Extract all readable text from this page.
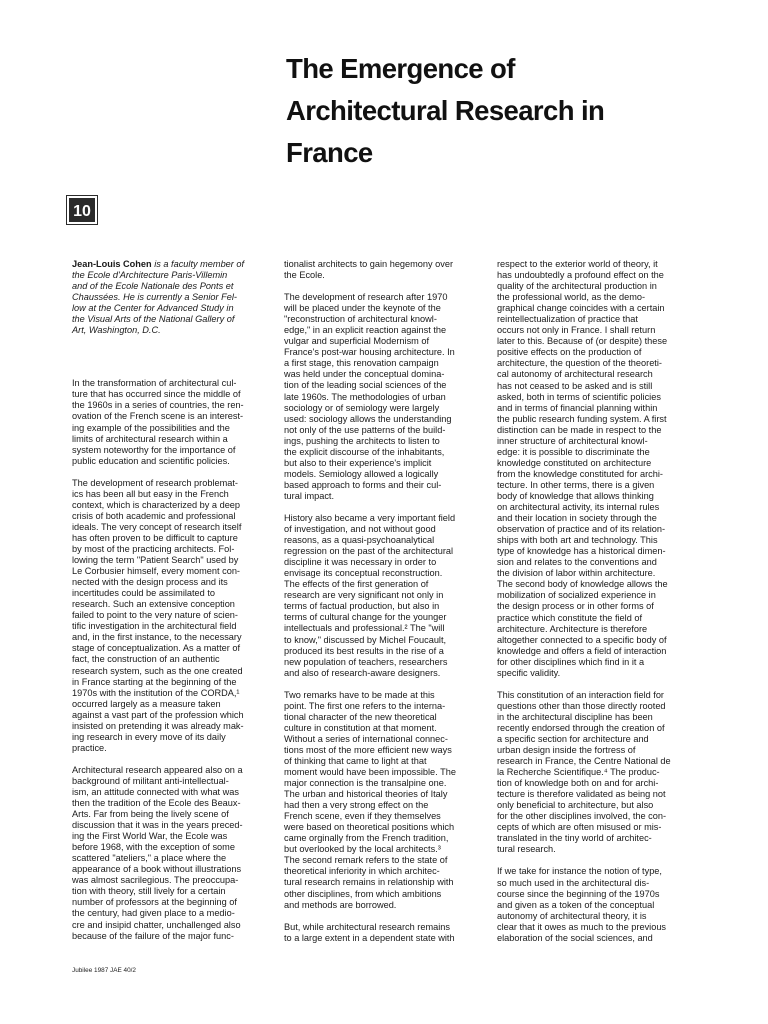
The Emergence of
Architectural Research in
France
10

Jean-Louis Cohen is a faculty member of
the Ecole d'Architecture Paris-Villemin
and of the Ecole Nationale des Ponts et
Chaussées. He is currently a Senior Fel-
low at the Center for Advanced Study in
the Visual Arts of the National Gallery of
Art, Washington, D.C.

In the transformation of architectural cul-
ture that has occurred since the middle of
the 1960s in a series of countries, the ren-
ovation of the French scene is an interest-
ing example of the possibilities and the
limits of architectural research within a
system noteworthy for the importance of
public education and scientific policies.

The development of research problemat-
ics has been all but easy in the French
context, which is characterized by a deep
crisis of both academic and professional
ideals. The very concept of research itself
has often proven to be difficult to capture
by most of the practicing architects. Fol-
lowing the term "Patient Search" used by
Le Corbusier himself, every moment con-
nected with the design process and its
incertitudes could be assimilated to
research. Such an extensive conception
failed to point to the very nature of scien-
tific investigation in the architectural field
and, in the first instance, to the necessary
stage of conceptualization. As a matter of
fact, the construction of an authentic
research system, such as the one created
in France starting at the beginning of the
1970s with the institution of the CORDA,¹
occurred largely as a measure taken
against a vast part of the profession which
insisted on pretending it was already mak-
ing research in every move of its daily
practice.

Architectural research appeared also on a
background of militant anti-intellectual-
ism, an attitude connected with what was
then the tradition of the Ecole des Beaux-
Arts. Far from being the lively scene of
discussion that it was in the years preced-
ing the First World War, the Ecole was
before 1968, with the exception of some
scattered "ateliers," a place where the
appearance of a book without illustrations
was almost sacrilegious. The preoccupa-
tion with theory, still lively for a certain
number of professors at the beginning of
the century, had given place to a medio-
cre and insipid chatter, unchallenged also
because of the failure of the major func-

tionalist architects to gain hegemony over
the Ecole.

The development of research after 1970
will be placed under the keynote of the
"reconstruction of architectural knowl-
edge," in an explicit reaction against the
vulgar and superficial Modernism of
France's post-war housing architecture. In
a first stage, this renovation campaign
was held under the conceptual domina-
tion of the leading social sciences of the
late 1960s. The methodologies of urban
sociology or of semiology were largely
used: sociology allows the understanding
not only of the use patterns of the build-
ings, pushing the architects to listen to
the explicit discourse of the inhabitants,
but also to their experience's implicit
models. Semiology allowed a logically
based approach to forms and their cul-
tural impact.

History also became a very important field
of investigation, and not without good
reasons, as a quasi-psychoanalytical
regression on the past of the architectural
discipline it was necessary in order to
envisage its conceptual reconstruction.
The effects of the first generation of
research are very significant not only in
terms of factual production, but also in
terms of cultural change for the younger
intellectuals and professional.² The "will
to know," discussed by Michel Foucault,
produced its best results in the rise of a
new population of teachers, researchers
and also of research-aware designers.

Two remarks have to be made at this
point. The first one refers to the interna-
tional character of the new theoretical
culture in constitution at that moment.
Without a series of international connec-
tions most of the more efficient new ways
of thinking that came to light at that
moment would have been impossible. The
major connection is the transalpine one.
The urban and historical theories of Italy
had then a very strong effect on the
French scene, even if they themselves
were based on theoretical positions which
came orginally from the French tradition,
but overlooked by the local architects.³
The second remark refers to the state of
theoretical inferiority in which architec-
tural research remains in relationship with
other disciplines, from which ambitions
and methods are borrowed.

But, while architectural research remains
to a large extent in a dependent state with

respect to the exterior world of theory, it
has undoubtedly a profound effect on the
quality of the architectural production in
the professional world, as the demo-
graphical change coincides with a certain
reintellectualization of practice that
occurs not only in France. I shall return
later to this. Because of (or despite) these
positive effects on the production of
architecture, the question of the theoreti-
cal autonomy of architectural research
has not ceased to be asked and is still
asked, both in terms of scientific policies
and in terms of financial planning within
the public research funding system. A first
distinction can be made in respect to the
inner structure of architectural knowl-
edge: it is possible to discriminate the
knowledge constituted on architecture
from the knowledge constituted for archi-
tecture. In other terms, there is a given
body of knowledge that allows thinking
on architectural activity, its internal rules
and their location in society through the
observation of practice and of its relation-
ships with both art and technology. This
type of knowledge has a historical dimen-
sion and relates to the conventions and
the division of labor within architecture.
The second body of knowledge allows the
mobilization of socialized experience in
the design process or in other forms of
practice which constitute the field of
architecture. Architecture is therefore
altogether connected to a specific body of
knowledge and offers a field of interaction
for other disciplines which find in it a
specific validity.

This constitution of an interaction field for
questions other than those directly rooted
in the architectural discipline has been
recently endorsed through the creation of
a specific section for architecture and
urban design inside the fortress of
research in France, the Centre National de
la Recherche Scientifique.⁴ The produc-
tion of knowledge both on and for archi-
tecture is therefore validated as being not
only beneficial to architecture, but also
for the other disciplines involved, the con-
cepts of which are often misused or mis-
translated in the tiny world of architec-
tural research.

If we take for instance the notion of type,
so much used in the architectural dis-
course since the beginning of the 1970s
and given as a token of the conceptual
autonomy of architectural theory, it is
clear that it owes as much to the previous
elaboration of the social sciences, and

Jubilee 1987 JAE 40/2
